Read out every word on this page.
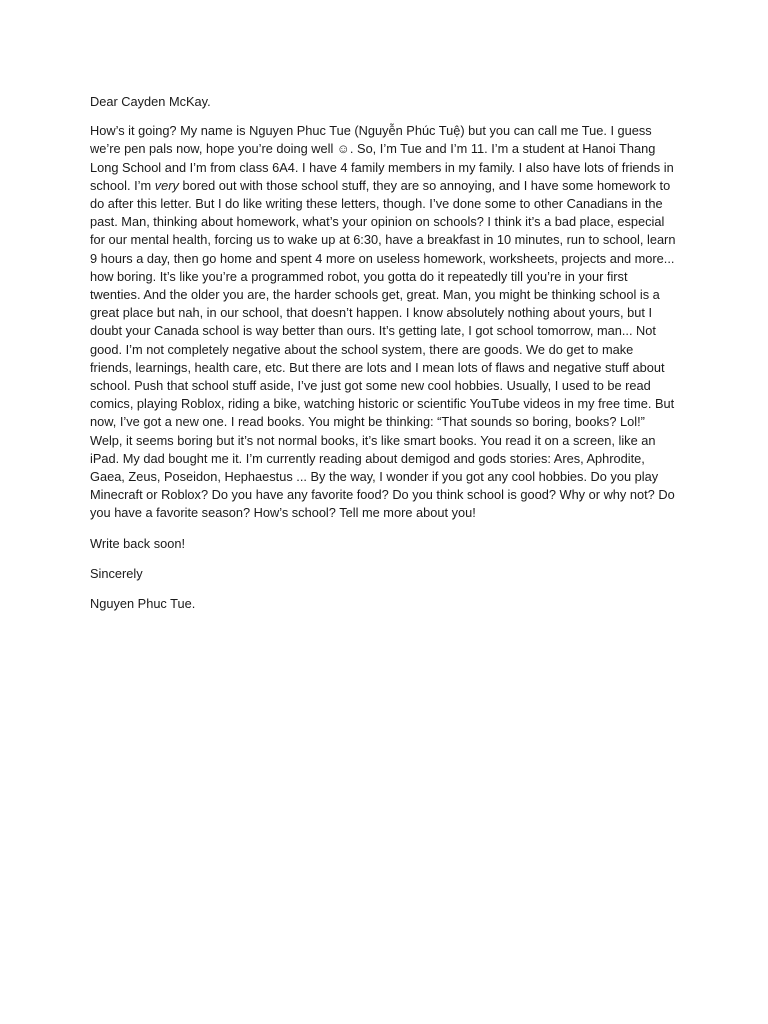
Dear Cayden McKay.

How’s it going? My name is Nguyen Phuc Tue (Nguyễn Phúc Tuệ) but you can call me Tue. I guess we’re pen pals now, hope you’re doing well ☺. So, I’m Tue and I’m 11. I’m a student at Hanoi Thang Long School and I’m from class 6A4. I have 4 family members in my family. I also have lots of friends in school. I’m very bored out with those school stuff, they are so annoying, and I have some homework to do after this letter. But I do like writing these letters, though. I’ve done some to other Canadians in the past. Man, thinking about homework, what’s your opinion on schools? I think it’s a bad place, especial for our mental health, forcing us to wake up at 6:30, have a breakfast in 10 minutes, run to school, learn 9 hours a day, then go home and spent 4 more on useless homework, worksheets, projects and more... how boring. It’s like you’re a programmed robot, you gotta do it repeatedly till you’re in your first twenties. And the older you are, the harder schools get, great. Man, you might be thinking school is a great place but nah, in our school, that doesn’t happen. I know absolutely nothing about yours, but I doubt your Canada school is way better than ours. It’s getting late, I got school tomorrow, man... Not good. I’m not completely negative about the school system, there are goods. We do get to make friends, learnings, health care, etc. But there are lots and I mean lots of flaws and negative stuff about school. Push that school stuff aside, I’ve just got some new cool hobbies. Usually, I used to be read comics, playing Roblox, riding a bike, watching historic or scientific YouTube videos in my free time. But now, I’ve got a new one. I read books. You might be thinking: “That sounds so boring, books? Lol!” Welp, it seems boring but it’s not normal books, it’s like smart books. You read it on a screen, like an iPad. My dad bought me it. I’m currently reading about demigod and gods stories: Ares, Aphrodite, Gaea, Zeus, Poseidon, Hephaestus ... By the way, I wonder if you got any cool hobbies. Do you play Minecraft or Roblox? Do you have any favorite food? Do you think school is good? Why or why not? Do you have a favorite season? How’s school? Tell me more about you!

Write back soon!

Sincerely

Nguyen Phuc Tue.
